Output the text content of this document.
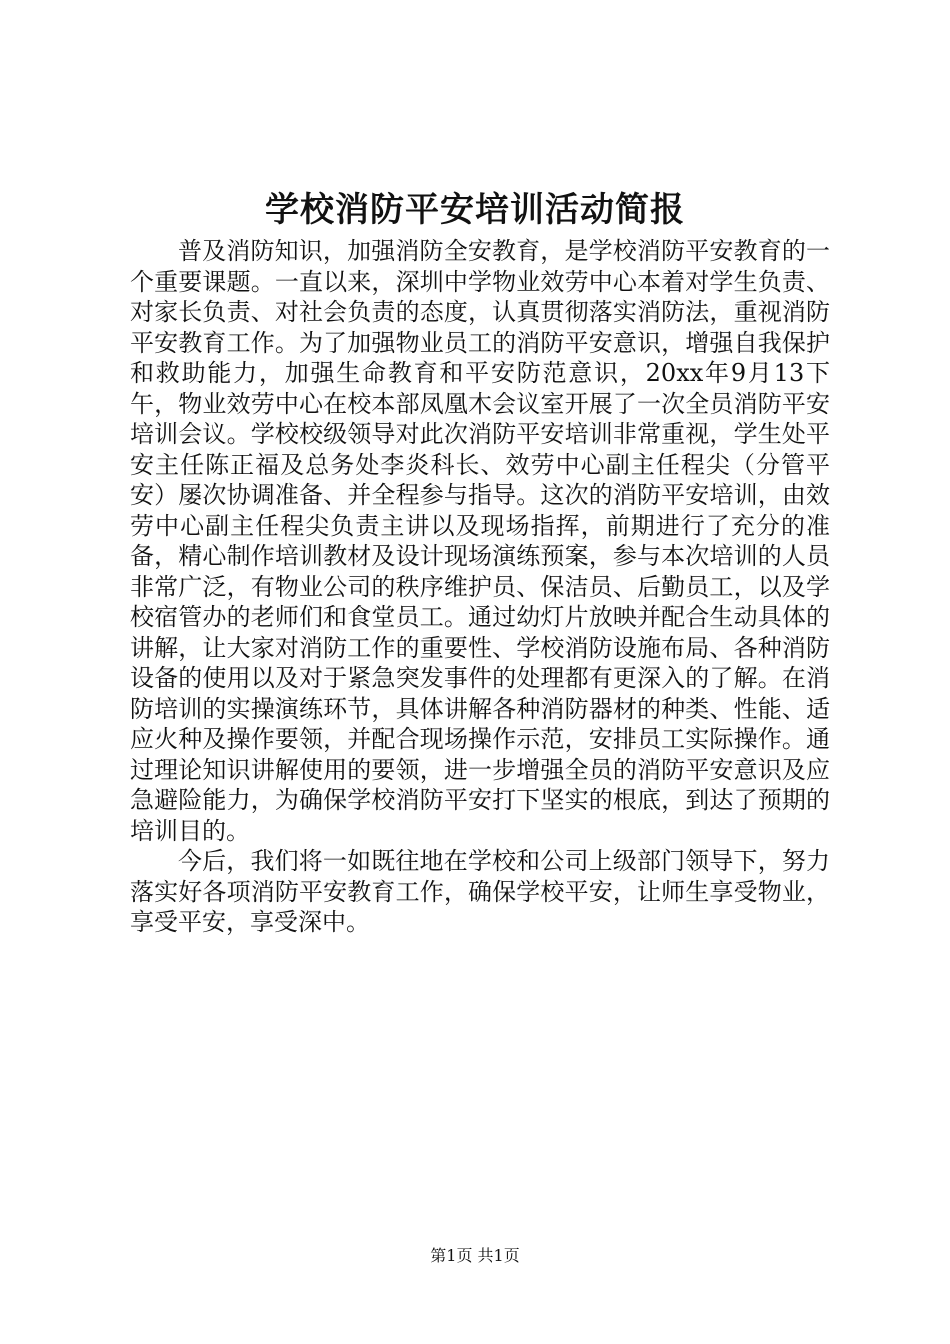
学校消防平安培训活动简报

普及消防知识，加强消防全安教育，是学校消防平安教育的一个重要课题。一直以来，深圳中学物业效劳中心本着对学生负责、对家长负责、对社会负责的态度，认真贯彻落实消防法，重视消防平安教育工作。为了加强物业员工的消防平安意识，增强自我保护和救助能力，加强生命教育和平安防范意识，20xx年9月13下午，物业效劳中心在校本部凤凰木会议室开展了一次全员消防平安培训会议。学校校级领导对此次消防平安培训非常重视，学生处平安主任陈正福及总务处李炎科长、效劳中心副主任程尖（分管平安）屡次协调准备、并全程参与指导。这次的消防平安培训，由效劳中心副主任程尖负责主讲以及现场指挥，前期进行了充分的准备，精心制作培训教材及设计现场演练预案，参与本次培训的人员非常广泛，有物业公司的秩序维护员、保洁员、后勤员工，以及学校宿管办的老师们和食堂员工。通过幼灯片放映并配合生动具体的讲解，让大家对消防工作的重要性、学校消防设施布局、各种消防设备的使用以及对于紧急突发事件的处理都有更深入的了解。在消防培训的实操演练环节，具体讲解各种消防器材的种类、性能、适应火种及操作要领，并配合现场操作示范，安排员工实际操作。通过理论知识讲解使用的要领，进一步增强全员的消防平安意识及应急避险能力，为确保学校消防平安打下坚实的根底，到达了预期的培训目的。

今后，我们将一如既往地在学校和公司上级部门领导下，努力落实好各项消防平安教育工作，确保学校平安，让师生享受物业，享受平安，享受深中。

第1页 共1页
